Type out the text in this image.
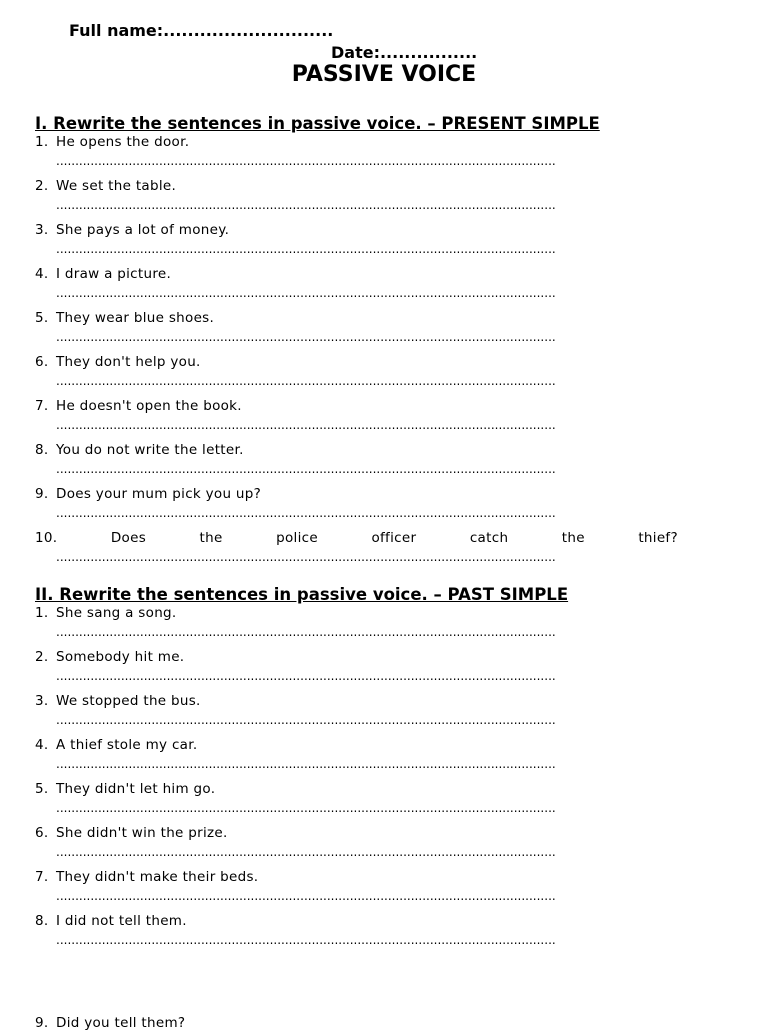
Full name:............................
Date:................
PASSIVE VOICE
I. Rewrite the sentences in passive voice. – PRESENT SIMPLE
1. He opens the door.
...................................................................................................................................
2. We set the table.
...................................................................................................................................
3. She pays a lot of money.
...................................................................................................................................
4. I draw a picture.
...................................................................................................................................
5. They wear blue shoes.
...................................................................................................................................
6. They don't help you.
...................................................................................................................................
7. He doesn't open the book.
...................................................................................................................................
8. You do not write the letter.
...................................................................................................................................
9. Does your mum pick you up?
...................................................................................................................................
10.	Does	the	police	officer	catch	the	thief?
...................................................................................................................................
II. Rewrite the sentences in passive voice. – PAST SIMPLE
1. She sang a song.
...................................................................................................................................
2. Somebody hit me.
...................................................................................................................................
3. We stopped the bus.
...................................................................................................................................
4. A thief stole my car.
...................................................................................................................................
5. They didn't let him go.
...................................................................................................................................
6. She didn't win the prize.
...................................................................................................................................
7. They didn't make their beds.
...................................................................................................................................
8. I did not tell them.
...................................................................................................................................
9. Did you tell them?
